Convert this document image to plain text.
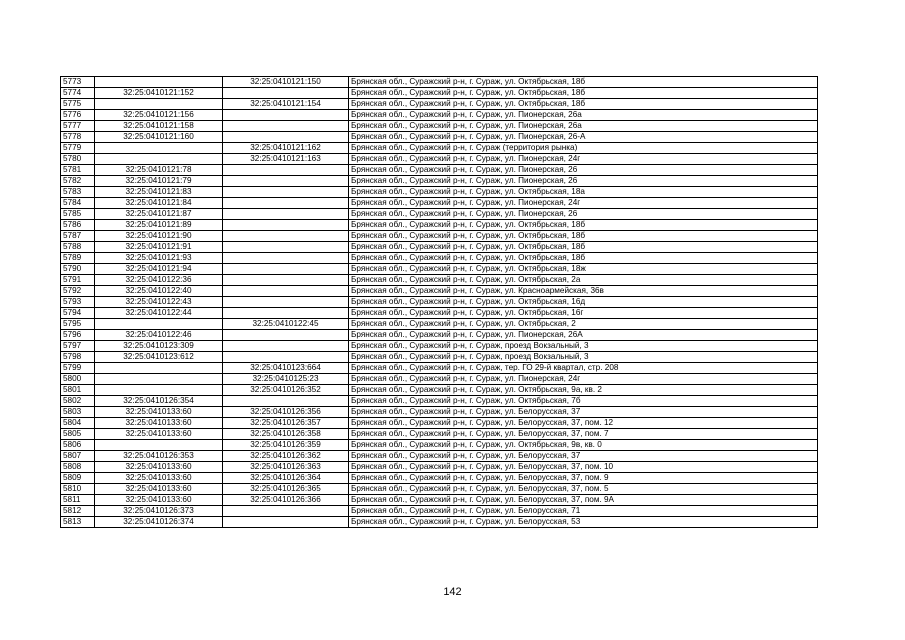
5773		32:25:0410121:150	Брянская обл., Суражский р-н, г. Сураж, ул. Октябрьская, 18б
5774	32:25:0410121:152		Брянская обл., Суражский р-н, г. Сураж, ул. Октябрьская, 18б
5775		32:25:0410121:154	Брянская обл., Суражский р-н, г. Сураж, ул. Октябрьская, 18б
5776	32:25:0410121:156		Брянская обл., Суражский р-н, г. Сураж, ул. Пионерская, 26а
5777	32:25:0410121:158		Брянская обл., Суражский р-н, г. Сураж, ул. Пионерская, 26а
5778	32:25:0410121:160		Брянская обл., Суражский р-н, г. Сураж, ул. Пионерская, 26-А
5779		32:25:0410121:162	Брянская обл., Суражский р-н, г. Сураж (территория рынка)
5780		32:25:0410121:163	Брянская обл., Суражский р-н, г. Сураж, ул. Пионерская, 24г
5781	32:25:0410121:78		Брянская обл., Суражский р-н, г. Сураж, ул. Пионерская, 26
5782	32:25:0410121:79		Брянская обл., Суражский р-н, г. Сураж, ул. Пионерская, 26
5783	32:25:0410121:83		Брянская обл., Суражский р-н, г. Сураж, ул. Октябрьская, 18а
5784	32:25:0410121:84		Брянская обл., Суражский р-н, г. Сураж, ул. Пионерская, 24г
5785	32:25:0410121:87		Брянская обл., Суражский р-н, г. Сураж, ул. Пионерская, 26
5786	32:25:0410121:89		Брянская обл., Суражский р-н, г. Сураж, ул. Октябрьская, 18б
5787	32:25:0410121:90		Брянская обл., Суражский р-н, г. Сураж, ул. Октябрьская, 18б
5788	32:25:0410121:91		Брянская обл., Суражский р-н, г. Сураж, ул. Октябрьская, 18б
5789	32:25:0410121:93		Брянская обл., Суражский р-н, г. Сураж, ул. Октябрьская, 18б
5790	32:25:0410121:94		Брянская обл., Суражский р-н, г. Сураж, ул. Октябрьская, 18ж
5791	32:25:0410122:36		Брянская обл., Суражский р-н, г. Сураж, ул. Октябрьская, 2а
5792	32:25:0410122:40		Брянская обл., Суражский р-н, г. Сураж, ул. Красноармейская, 36в
5793	32:25:0410122:43		Брянская обл., Суражский р-н, г. Сураж, ул. Октябрьская, 16д
5794	32:25:0410122:44		Брянская обл., Суражский р-н, г. Сураж, ул. Октябрьская, 16г
5795		32:25:0410122:45	Брянская обл., Суражский р-н, г. Сураж, ул. Октябрьская, 2
5796	32:25:0410122:46		Брянская обл., Суражский р-н, г. Сураж, ул. Пионерская, 26А
5797	32:25:0410123:309		Брянская обл., Суражский р-н, г. Сураж, проезд Вокзальный, 3
5798	32:25:0410123:612		Брянская обл., Суражский р-н, г. Сураж, проезд Вокзальный, 3
5799		32:25:0410123:664	Брянская обл., Суражский р-н, г. Сураж, тер. ГО 29-й квартал, стр. 208
5800		32:25:0410125:23	Брянская обл., Суражский р-н, г. Сураж, ул. Пионерская, 24г
5801		32:25:0410126:352	Брянская обл., Суражский р-н, г. Сураж, ул. Октябрьская, 9а, кв. 2
5802	32:25:0410126:354		Брянская обл., Суражский р-н, г. Сураж, ул. Октябрьская, 7б
5803	32:25:0410133:60	32:25:0410126:356	Брянская обл., Суражский р-н, г. Сураж, ул. Белорусская, 37
5804	32:25:0410133:60	32:25:0410126:357	Брянская обл., Суражский р-н, г. Сураж, ул. Белорусская, 37, пом. 12
5805	32:25:0410133:60	32:25:0410126:358	Брянская обл., Суражский р-н, г. Сураж, ул. Белорусская, 37, пом. 7
5806		32:25:0410126:359	Брянская обл., Суражский р-н, г. Сураж, ул. Октябрьская, 9в, кв. 0
5807	32:25:0410126:353	32:25:0410126:362	Брянская обл., Суражский р-н, г. Сураж, ул. Белорусская, 37
5808	32:25:0410133:60	32:25:0410126:363	Брянская обл., Суражский р-н, г. Сураж, ул. Белорусская, 37, пом. 10
5809	32:25:0410133:60	32:25:0410126:364	Брянская обл., Суражский р-н, г. Сураж, ул. Белорусская, 37, пом. 9
5810	32:25:0410133:60	32:25:0410126:365	Брянская обл., Суражский р-н, г. Сураж, ул. Белорусская, 37, пом. 5
5811	32:25:0410133:60	32:25:0410126:366	Брянская обл., Суражский р-н, г. Сураж, ул. Белорусская, 37, пом. 9А
5812	32:25:0410126:373		Брянская обл., Суражский р-н, г. Сураж, ул. Белорусская, 71
5813	32:25:0410126:374		Брянская обл., Суражский р-н, г. Сураж, ул. Белорусская, 53
142
